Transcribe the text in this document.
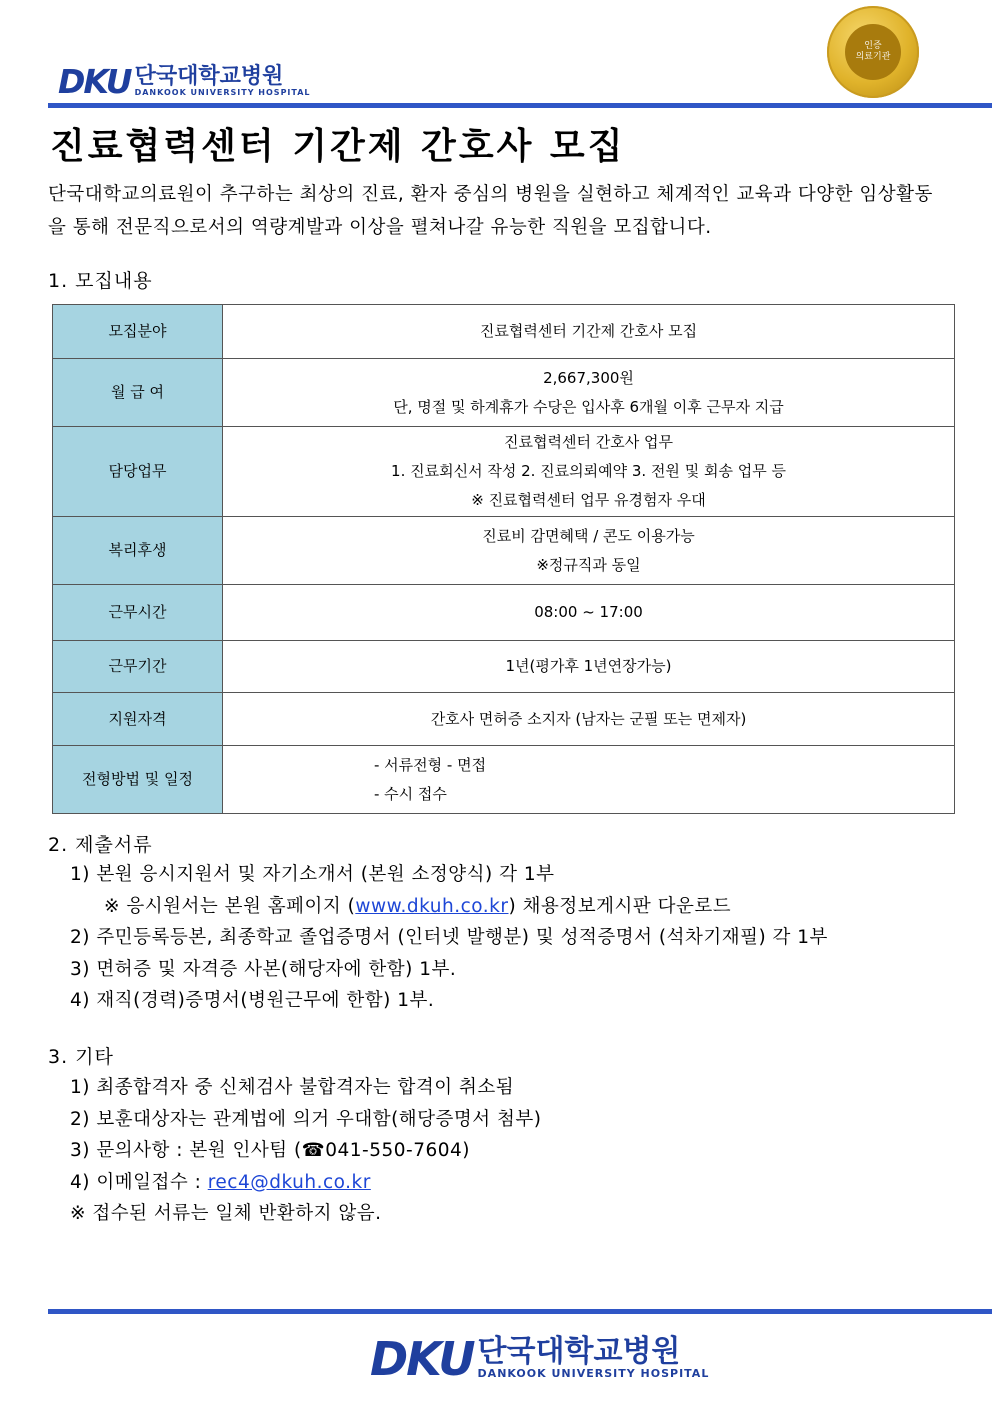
DKU 단국대학교병원
DANKOOK UNIVERSITY HOSPITAL
인증
의료기관
진료협력센터 기간제 간호사 모집
단국대학교의료원이 추구하는 최상의 진료, 환자 중심의 병원을 실현하고 체계적인 교육과 다양한 임상활동을 통해 전문직으로서의 역량계발과 이상을 펼쳐나갈 유능한 직원을 모집합니다.
1. 모집내용
모집분야	진료협력센터 기간제 간호사 모집

월 급 여	2,667,300원
단, 명절 및 하계휴가 수당은 입사후 6개월 이후 근무자 지급

담당업무	진료협력센터 간호사 업무
1. 진료회신서 작성 2. 진료의뢰예약 3. 전원 및 회송 업무 등
※ 진료협력센터 업무 유경험자 우대

복리후생	진료비 감면혜택 / 콘도 이용가능
※정규직과 동일

근무시간	08:00 ~ 17:00

근무기간	1년(평가후 1년연장가능)

지원자격	간호사 면허증 소지자 (남자는 군필 또는 면제자)

전형방법 및 일정	- 서류전형 - 면접
- 수시 접수
2. 제출서류
1) 본원 응시지원서 및 자기소개서 (본원 소정양식) 각 1부
※ 응시원서는 본원 홈페이지 (www.dkuh.co.kr) 채용정보게시판 다운로드
2) 주민등록등본, 최종학교 졸업증명서 (인터넷 발행분) 및 성적증명서 (석차기재필) 각 1부
3) 면허증 및 자격증 사본(해당자에 한함) 1부.
4) 재직(경력)증명서(병원근무에 한함) 1부.
3. 기타
1) 최종합격자 중 신체검사 불합격자는 합격이 취소됨
2) 보훈대상자는 관계법에 의거 우대함(해당증명서 첨부)
3) 문의사항 : 본원 인사팀 (☎041-550-7604)
4) 이메일접수 : rec4@dkuh.co.kr
※ 접수된 서류는 일체 반환하지 않음.
DKU 단국대학교병원
DANKOOK UNIVERSITY HOSPITAL
